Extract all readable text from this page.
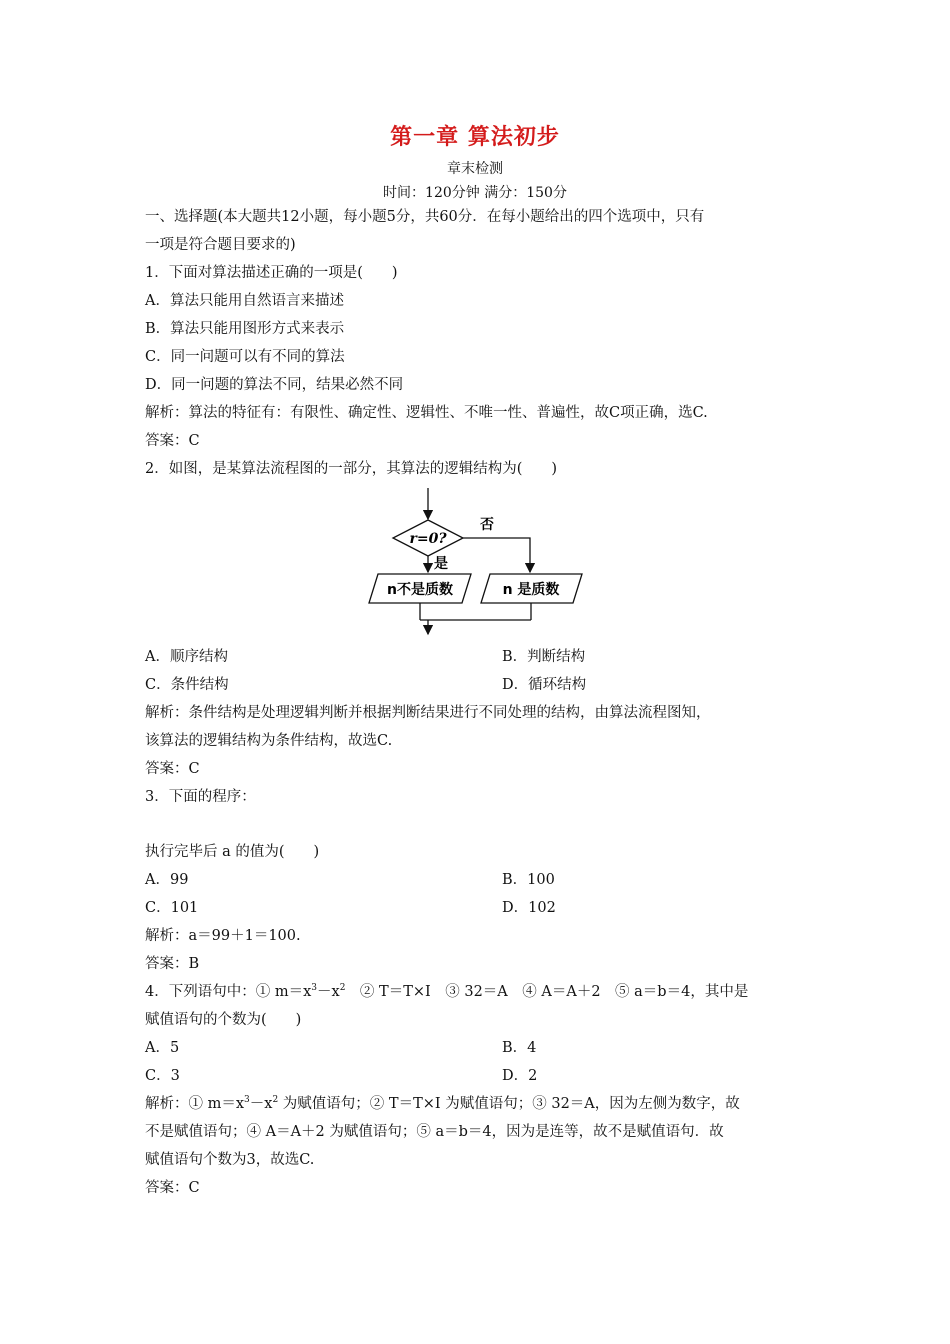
第一章 算法初步
章末检测
时间：120分钟 满分：150分
一、选择题(本大题共12小题，每小题5分，共60分．在每小题给出的四个选项中，只有
一项是符合题目要求的)
1．下面对算法描述正确的一项是(　　)
A．算法只能用自然语言来描述
B．算法只能用图形方式来表示
C．同一问题可以有不同的算法
D．同一问题的算法不同，结果必然不同
解析：算法的特征有：有限性、确定性、逻辑性、不唯一性、普遍性，故C项正确，选C.
答案：C
2．如图，是某算法流程图的一部分，其算法的逻辑结构为(　　)
r=0?
否
是
n不是质数	n 是质数
A．顺序结构	B．判断结构
C．条件结构	D．循环结构
解析：条件结构是处理逻辑判断并根据判断结果进行不同处理的结构，由算法流程图知，
该算法的逻辑结构为条件结构，故选C.
答案：C
3．下面的程序：
执行完毕后 a 的值为(　　)
A．99	B．100
C．101	D．102
解析：a＝99＋1＝100.
答案：B
4．下列语句中：① $m=x^3-x^2$　② T＝T×I　③ 32＝A　④ A＝A＋2　⑤ a＝b＝4，其中是
赋值语句的个数为(　　)
A．5	B．4
C．3	D．2
解析：① $m=x^3-x^2$ 为赋值语句；② T＝T×I 为赋值语句；③ 32＝A，因为左侧为数字，故
不是赋值语句；④ A＝A＋2 为赋值语句；⑤ a＝b＝4，因为是连等，故不是赋值语句．故
赋值语句个数为3，故选C.
答案：C
